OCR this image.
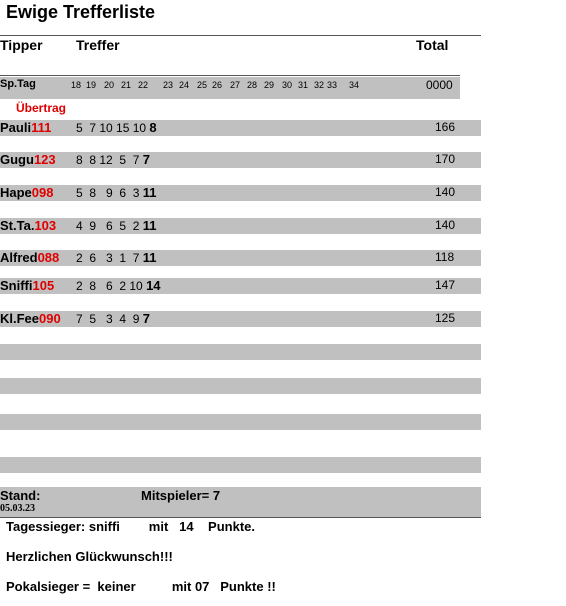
Ewige Trefferliste
Tipper Treffer	Total
Sp.Tag	18 19 20 21 22 23 24 25 26 27 28 29 30 31 32 33 34	0000
Übertrag
Pauli111 5  7 10 15 10 8	166
Gugu123 8  8 12  5  7 7	170
Hape098 5  8   9  6  3 11	140
St.Ta.103 4  9   6  5  2 11	140
Alfred088 2  6   3  1  7 11	118
Sniffi105 2  8   6  2 10 14	147
Kl.Fee090 7  5   3  4  9 7	125
Stand:
05.03.23
Mitspieler= 7
Tagessieger: sniffi        mit   14    Punkte.
Herzlichen Glückwunsch!!!
Pokalsieger =  keiner          mit 07   Punkte !!
